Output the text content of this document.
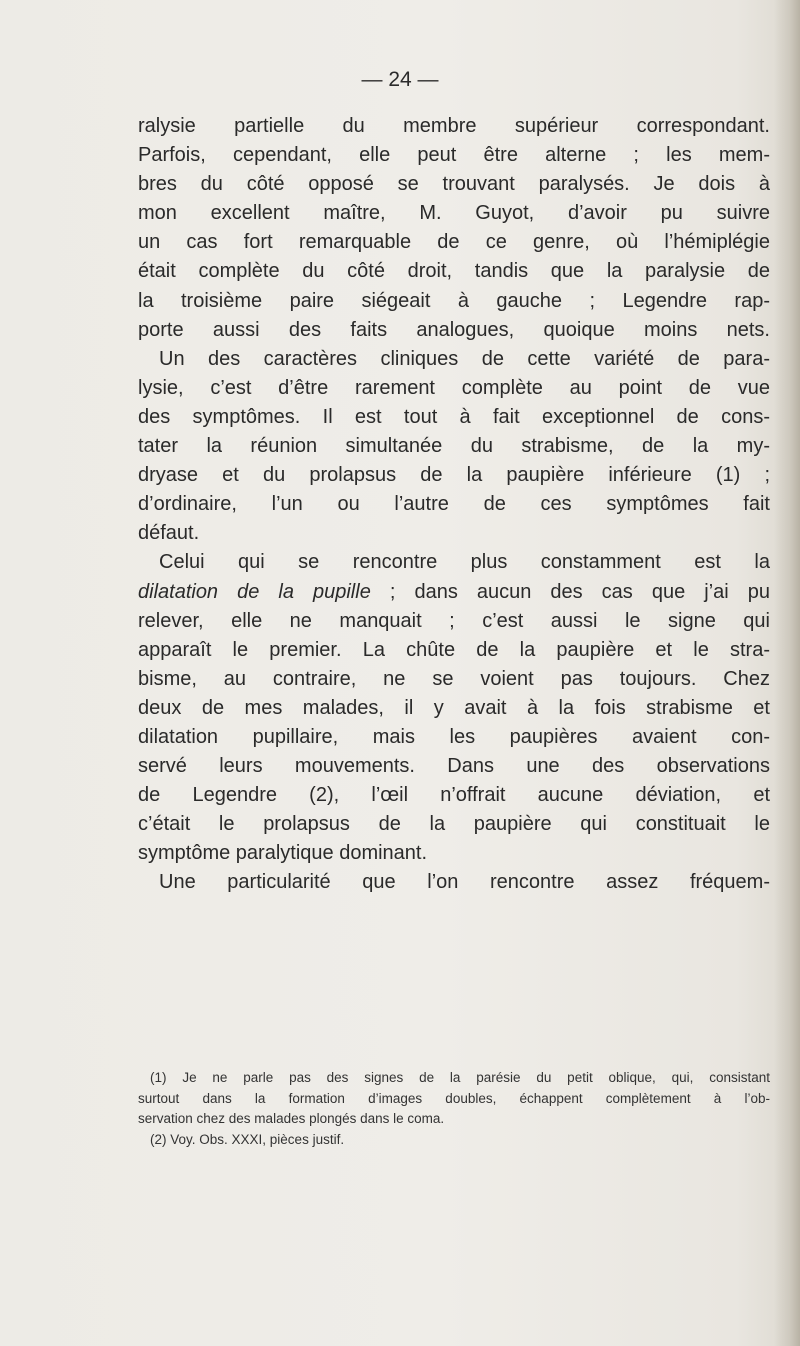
— 24 —
ralysie partielle du membre supérieur correspondant.
Parfois, cependant, elle peut être alterne ; les mem-
bres du côté opposé se trouvant paralysés. Je dois à
mon excellent maître, M. Guyot, d’avoir pu suivre
un cas fort remarquable de ce genre, où l’hémiplégie
était complète du côté droit, tandis que la paralysie de
la troisième paire siégeait à gauche ; Legendre rap-
porte aussi des faits analogues, quoique moins nets.
Un des caractères cliniques de cette variété de para-
lysie, c’est d’être rarement complète au point de vue
des symptômes. Il est tout à fait exceptionnel de cons-
tater la réunion simultanée du strabisme, de la my-
dryase et du prolapsus de la paupière inférieure (1) ;
d’ordinaire, l’un ou l’autre de ces symptômes fait
défaut.
Celui qui se rencontre plus constamment est la
dilatation de la pupille ; dans aucun des cas que j’ai pu
relever, elle ne manquait ; c’est aussi le signe qui
apparaît le premier. La chûte de la paupière et le stra-
bisme, au contraire, ne se voient pas toujours. Chez
deux de mes malades, il y avait à la fois strabisme et
dilatation pupillaire, mais les paupières avaient con-
servé leurs mouvements. Dans une des observations
de Legendre (2), l’œil n’offrait aucune déviation, et
c’était le prolapsus de la paupière qui constituait le
symptôme paralytique dominant.
Une particularité que l’on rencontre assez fréquem-
(1) Je ne parle pas des signes de la parésie du petit oblique, qui, consistant
surtout dans la formation d’images doubles, échappent complètement à l’ob-
servation chez des malades plongés dans le coma.
(2) Voy. Obs. XXXI, pièces justif.
